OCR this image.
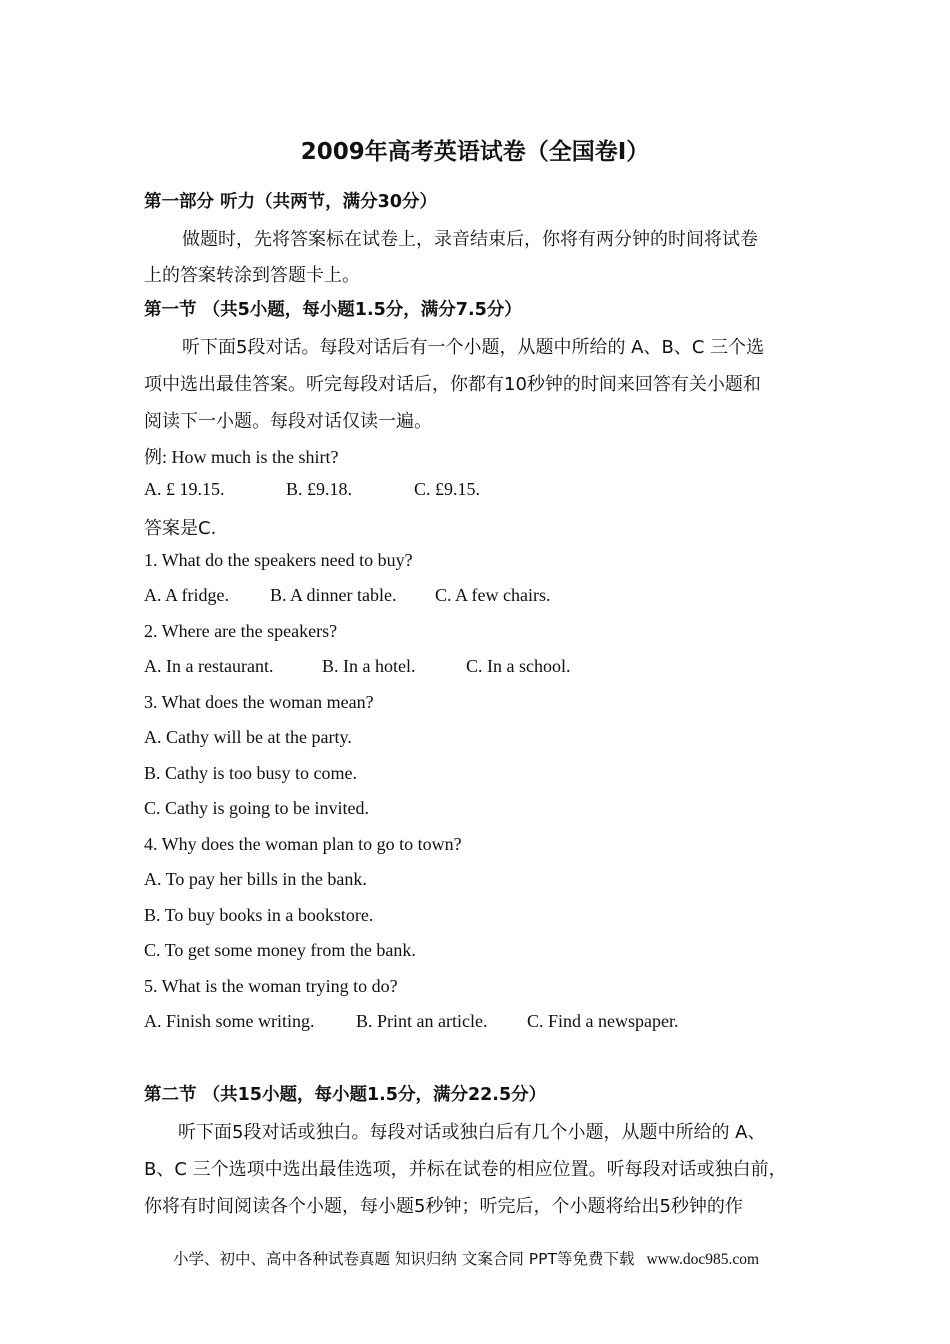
2009年高考英语试卷（全国卷I）
第一部分 听力（共两节，满分30分）
做题时，先将答案标在试卷上，录音结束后，你将有两分钟的时间将试卷
上的答案转涂到答题卡上。
第一节 （共5小题，每小题1.5分，满分7.5分）
听下面5段对话。每段对话后有一个小题，从题中所给的 A、B、C 三个选
项中选出最佳答案。听完每段对话后，你都有10秒钟的时间来回答有关小题和
阅读下一小题。每段对话仅读一遍。
例: How much is the shirt?
A. £ 19.15.	B. £9.18.	C. £9.15.
答案是C.
1. What do the speakers need to buy?
A. A fridge. B. A dinner table. C. A few chairs.
2. Where are the speakers?
A. In a restaurant.	B. In a hotel.	C. In a school.
3. What does the woman mean?
A. Cathy will be at the party.
B. Cathy is too busy to come.
C. Cathy is going to be invited.
4. Why does the woman plan to go to town?
A. To pay her bills in the bank.
B. To buy books in a bookstore.
C. To get some money from the bank.
5. What is the woman trying to do?
A. Finish some writing. B. Print an article. C. Find a newspaper.
第二节 （共15小题，每小题1.5分，满分22.5分）
听下面5段对话或独白。每段对话或独白后有几个小题，从题中所给的 A、
B、C 三个选项中选出最佳选项，并标在试卷的相应位置。听每段对话或独白前，
你将有时间阅读各个小题，每小题5秒钟；听完后，个小题将给出5秒钟的作
小学、初中、高中各种试卷真题 知识归纳 文案合同 PPT等免费下载 www.doc985.com
